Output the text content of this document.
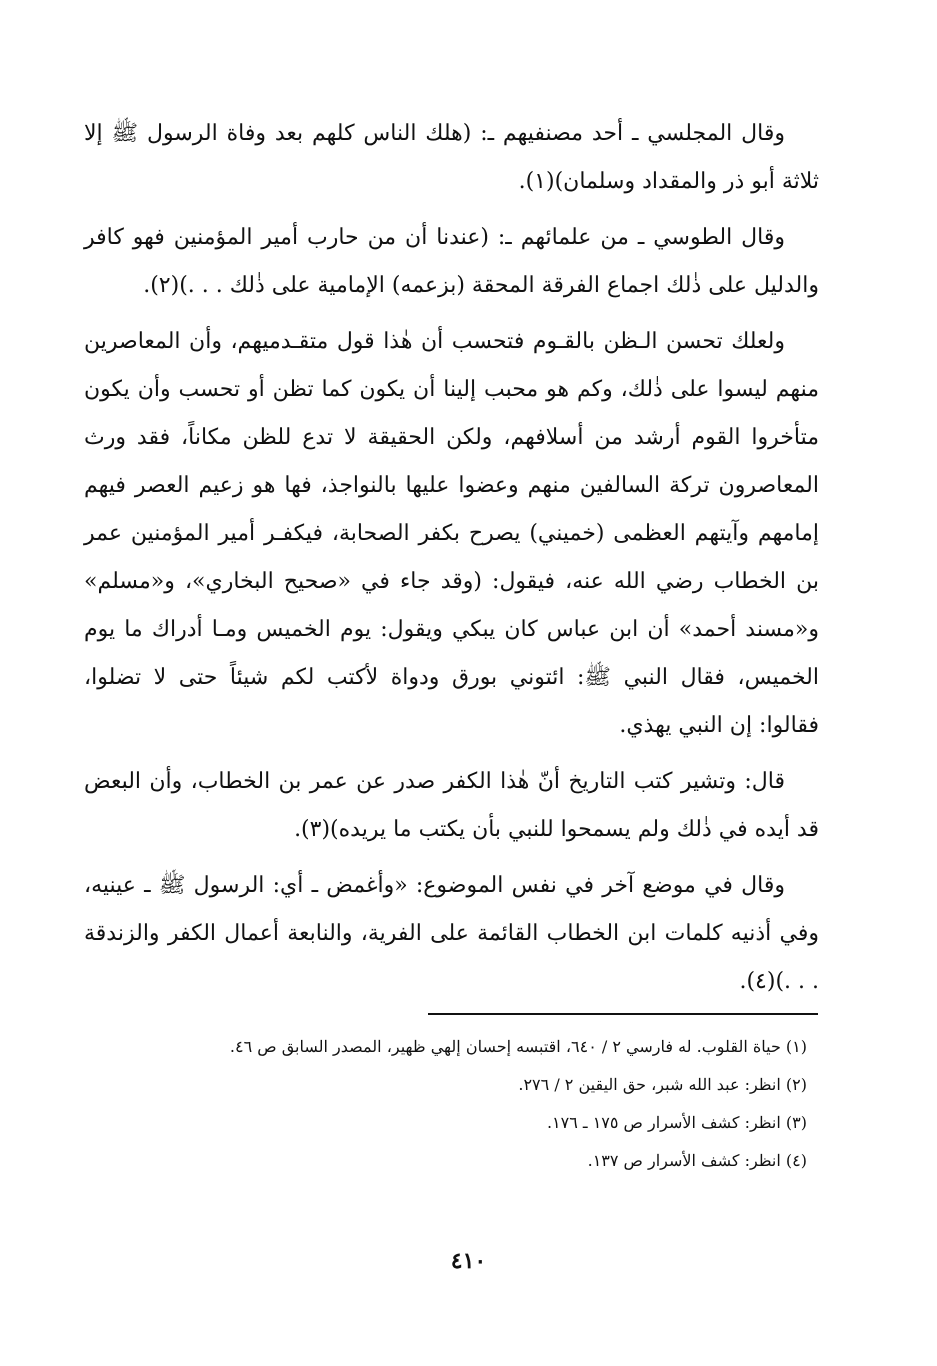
وقال المجلسي ـ أحد مصنفيهم ـ: (هلك الناس كلهم بعد وفاة الرسول ﷺ إلا ثلاثة أبو ذر والمقداد وسلمان)(١).

وقال الطوسي ـ من علمائهم ـ: (عندنا أن من حارب أمير المؤمنين فهو كافر والدليل على ذٰلك اجماع الفرقة المحقة (بزعمه) الإمامية على ذٰلك . . .)(٢).

ولعلك تحسن الـظن بالقـوم فتحسب أن هٰذا قول متقـدميهم، وأن المعاصرين منهم ليسوا على ذٰلك، وكم هو محبب إلينا أن يكون كما تظن أو تحسب وأن يكون متأخروا القوم أرشد من أسلافهم، ولكن الحقيقة لا تدع للظن مكاناً، فقد ورث المعاصرون تركة السالفين منهم وعضوا عليها بالنواجذ، فها هو زعيم العصر فيهم إمامهم وآيتهم العظمى (خميني) يصرح بكفر الصحابة، فيكفـر أمير المؤمنين عمر بن الخطاب رضي الله عنه، فيقول: (وقد جاء في «صحيح البخاري»، و«مسلم» و«مسند أحمد» أن ابن عباس كان يبكي ويقول: يوم الخميس ومـا أدراك ما يوم الخميس، فقال النبي ﷺ: ائتوني بورق ودواة لأكتب لكم شيئاً حتى لا تضلوا، فقالوا: إن النبي يهذي.

قال: وتشير كتب التاريخ أنّ هٰذا الكفر صدر عن عمر بن الخطاب، وأن البعض قد أيده في ذٰلك ولم يسمحوا للنبي بأن يكتب ما يريده)(٣).

وقال في موضع آخر في نفس الموضوع: «وأغمض ـ أي: الرسول ﷺ ـ عينيه، وفي أذنيه كلمات ابن الخطاب القائمة على الفرية، والنابعة أعمال الكفر والزندقة . . .)(٤).

(١) حياة القلوب. له فارسي ٢ / ٦٤٠، اقتبسه إحسان إلهي ظهير، المصدر السابق ص ٤٦.

(٢) انظر: عبد الله شبر، حق اليقين ٢ / ٢٧٦.

(٣) انظر: كشف الأسرار ص ١٧٥ ـ ١٧٦.

(٤) انظر: كشف الأسرار ص ١٣٧.

٤١٠
